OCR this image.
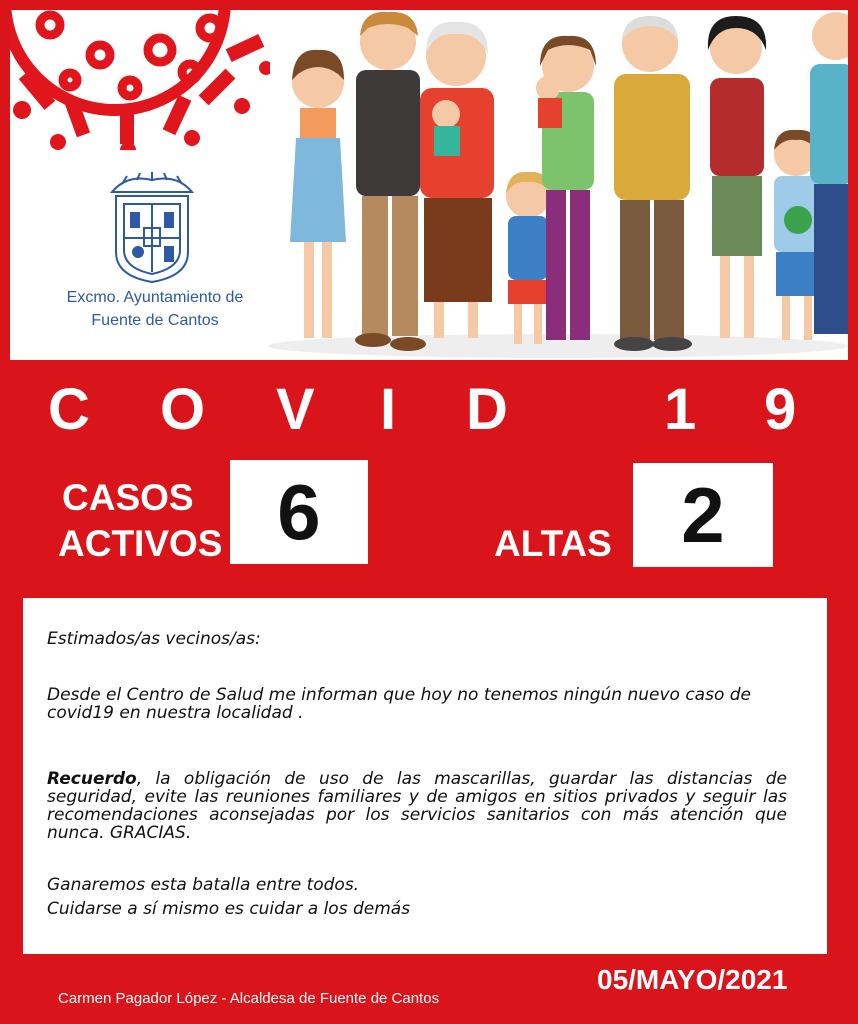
Excmo. Ayuntamiento de
Fuente de Cantos
C O V I D	1 9
CASOS
ACTIVOS 6	ALTAS 2

Estimados/as vecinos/as:

Desde el Centro de Salud me informan que hoy no tenemos ningún nuevo caso de covid19 en nuestra localidad .

Recuerdo, la obligación de uso de las mascarillas, guardar las distancias de seguridad, evite las reuniones familiares y de amigos en sitios privados y seguir las recomendaciones aconsejadas por los servicios sanitarios con más atención que nunca. GRACIAS.

Ganaremos esta batalla entre todos.

Cuidarse a sí mismo es cuidar a los demás

Carmen Pagador López - Alcaldesa de Fuente de Cantos
05/MAYO/2021
